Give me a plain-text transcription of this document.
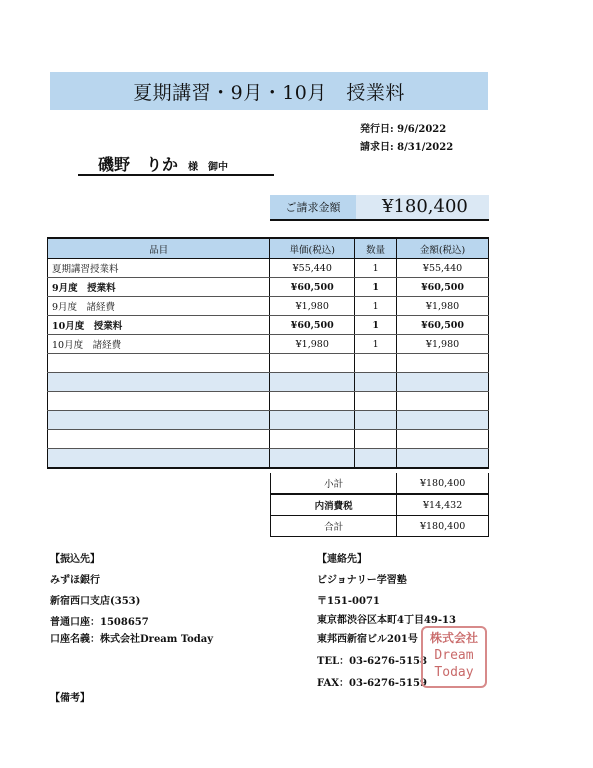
夏期講習・9月・10月　授業料
発行日: 9/6/2022
請求日: 8/31/2022
磯野　りか 様　御中
ご請求金額	¥180,400
品目	単価(税込)	数量	金額(税込)
夏期講習授業料	¥55,440	1	¥55,440
9月度　授業料	¥60,500	1	¥60,500
9月度　諸経費	¥1,980	1	¥1,980
10月度　授業料	¥60,500	1	¥60,500
10月度　諸経費	¥1,980	1	¥1,980

小計	¥180,400
内消費税	¥14,432
合計	¥180,400
【振込先】
みずほ銀行
新宿西口支店(353)
普通口座：1508657
口座名義：株式会社Dream Today
【連絡先】
ビジョナリー学習塾
〒151-0071
東京都渋谷区本町4丁目49-13
東邦西新宿ビル201号
TEL：03-6276-5158
FAX：03-6276-5159
株式会社
Dream
Today
【備考】
